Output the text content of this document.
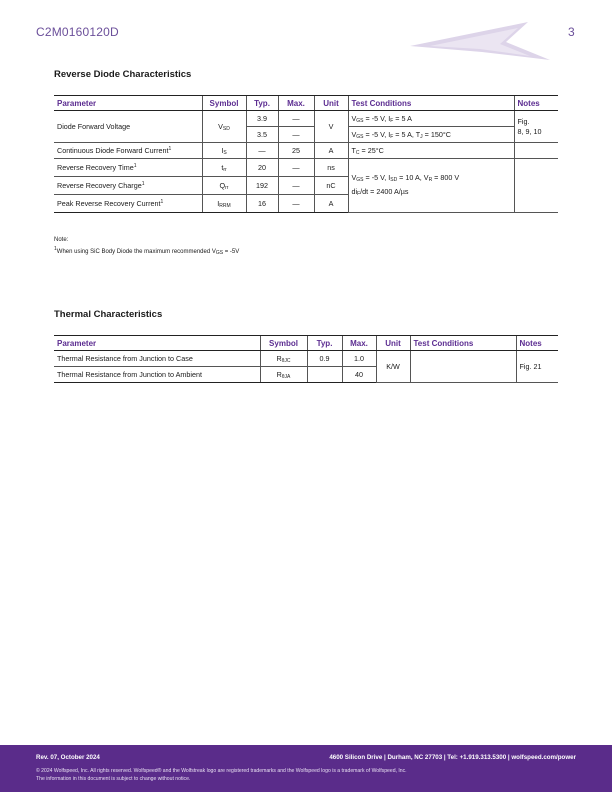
C2M0160120D	3
Reverse Diode Characteristics
Parameter	Symbol	Typ.	Max.	Unit	Test Conditions	Notes
Diode Forward Voltage	$V_{SD}$	3.9	—	V	$V_{GS} = -5$ V, $I_F = 5$ A	Fig.
8, 9, 10
		3.5	—		$V_{GS} = -5$ V, $I_F = 5$ A, $T_J = 150^\circ C$	
Continuous Diode Forward Current$^1$	$I_S$	—	25	A	$T_C = 25^\circ C$	
Reverse Recovery Time$^1$	$t_{rr}$	20	—	ns	$V_{GS} = -5$ V, $I_{SD} = 10$ A, $V_R = 800$ V
$di_F/dt = 2400$ A/µs	
Reverse Recovery Charge$^1$	$Q_{rr}$	192	—	nC		
Peak Reverse Recovery Current$^1$	$I_{RRM}$	16	—	A		
Note:
$^1$When using SiC Body Diode the maximum recommended $V_{GS} = -5V$
Thermal Characteristics
Parameter	Symbol	Typ.	Max.	Unit	Test Conditions	Notes
Thermal Resistance from Junction to Case	$R_{\theta JC}$	0.9	1.0	K/W		Fig. 21
Thermal Resistance from Junction to Ambient	$R_{\theta JA}$		40			
Rev. 07, October 2024	4600 Silicon Drive | Durham, NC 27703 | Tel: +1.919.313.5300 | wolfspeed.com/power
© 2024 Wolfspeed, Inc. All rights reserved. Wolfspeed® and the Wolfstreak logo are registered trademarks and the Wolfspeed logo is a trademark of Wolfspeed, Inc.
The information in this document is subject to change without notice.
